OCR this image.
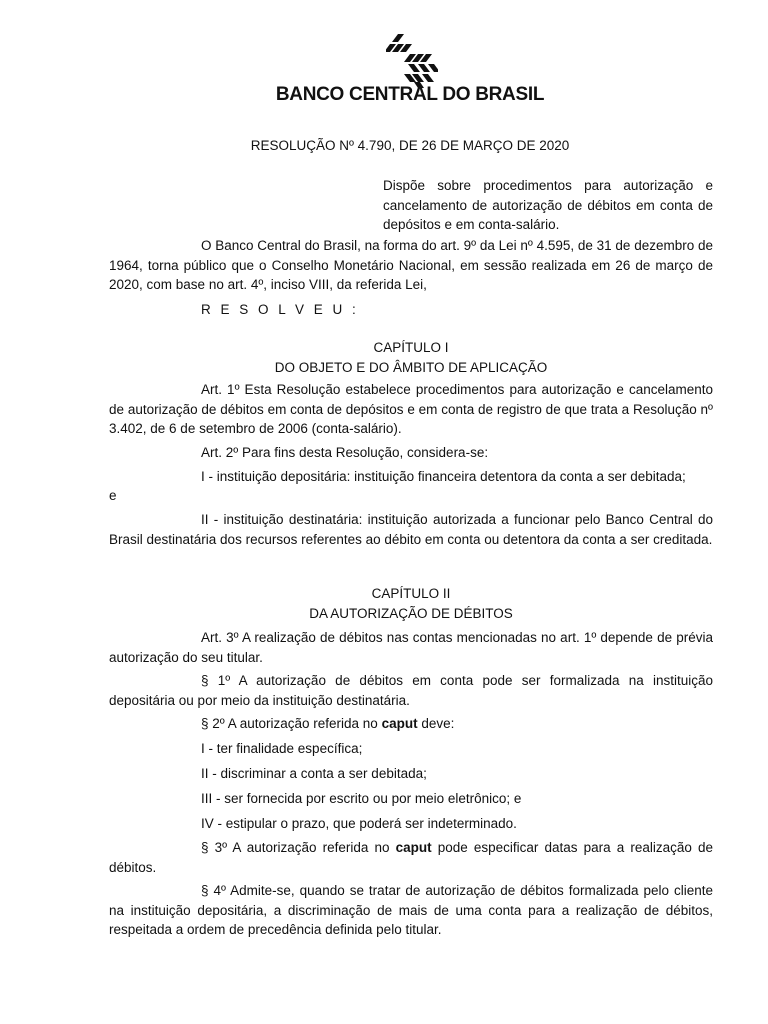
BANCO CENTRAL DO BRASIL
RESOLUÇÃO Nº 4.790, DE 26 DE MARÇO DE 2020
Dispõe sobre procedimentos para autorização e cancelamento de autorização de débitos em conta de depósitos e em conta-salário.

O Banco Central do Brasil, na forma do art. 9º da Lei nº 4.595, de 31 de dezembro de 1964, torna público que o Conselho Monetário Nacional, em sessão realizada em 26 de março de 2020, com base no art. 4º, inciso VIII, da referida Lei,

R E S O L V E U :

CAPÍTULO I

DO OBJETO E DO ÂMBITO DE APLICAÇÃO

Art. 1º Esta Resolução estabelece procedimentos para autorização e cancelamento de autorização de débitos em conta de depósitos e em conta de registro de que trata a Resolução nº 3.402, de 6 de setembro de 2006 (conta-salário).

Art. 2º Para fins desta Resolução, considera-se:

I - instituição depositária: instituição financeira detentora da conta a ser debitada;

e

II - instituição destinatária: instituição autorizada a funcionar pelo Banco Central do Brasil destinatária dos recursos referentes ao débito em conta ou detentora da conta a ser creditada.

CAPÍTULO II

DA AUTORIZAÇÃO DE DÉBITOS

Art. 3º A realização de débitos nas contas mencionadas no art. 1º depende de prévia autorização do seu titular.

§ 1º A autorização de débitos em conta pode ser formalizada na instituição depositária ou por meio da instituição destinatária.

§ 2º A autorização referida no caput deve:

I - ter finalidade específica;

II - discriminar a conta a ser debitada;

III - ser fornecida por escrito ou por meio eletrônico; e

IV - estipular o prazo, que poderá ser indeterminado.

§ 3º A autorização referida no caput pode especificar datas para a realização de débitos.

§ 4º Admite-se, quando se tratar de autorização de débitos formalizada pelo cliente na instituição depositária, a discriminação de mais de uma conta para a realização de débitos, respeitada a ordem de precedência definida pelo titular.
